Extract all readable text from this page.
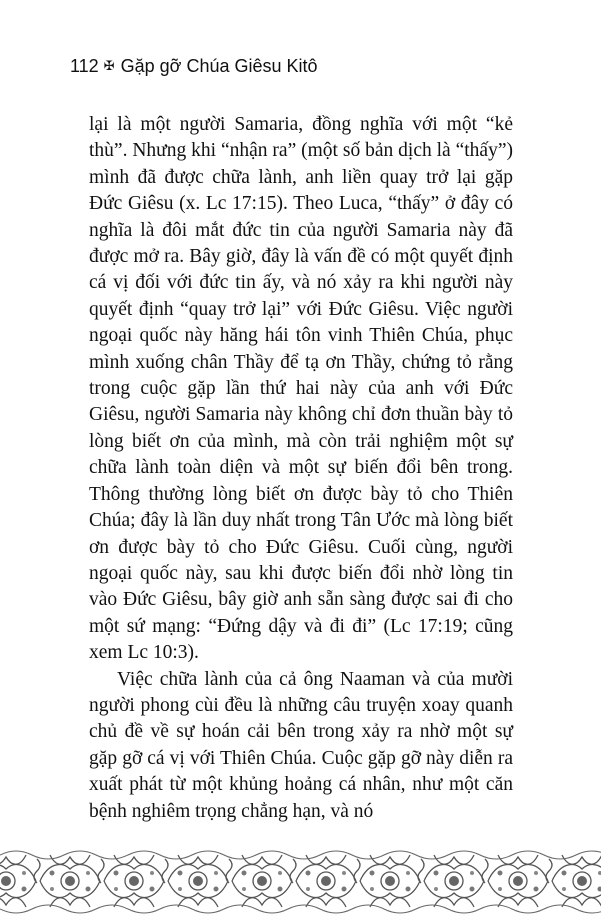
112 ✠ Gặp gỡ Chúa Giêsu Kitô

lại là một người Samaria, đồng nghĩa với một “kẻ thù”. Nhưng khi “nhận ra” (một số bản dịch là “thấy”) mình đã được chữa lành, anh liền quay trở lại gặp Đức Giêsu (x. Lc 17:15). Theo Luca, “thấy” ở đây có nghĩa là đôi mắt đức tin của người Samaria này đã được mở ra. Bây giờ, đây là vấn đề có một quyết định cá vị đối với đức tin ấy, và nó xảy ra khi người này quyết định “quay trở lại” với Đức Giêsu. Việc người ngoại quốc này hăng hái tôn vinh Thiên Chúa, phục mình xuống chân Thầy để tạ ơn Thầy, chứng tỏ rằng trong cuộc gặp lần thứ hai này của anh với Đức Giêsu, người Samaria này không chỉ đơn thuần bày tỏ lòng biết ơn của mình, mà còn trải nghiệm một sự chữa lành toàn diện và một sự biến đổi bên trong. Thông thường lòng biết ơn được bày tỏ cho Thiên Chúa; đây là lần duy nhất trong Tân Ước mà lòng biết ơn được bày tỏ cho Đức Giêsu. Cuối cùng, người ngoại quốc này, sau khi được biến đổi nhờ lòng tin vào Đức Giêsu, bây giờ anh sẵn sàng được sai đi cho một sứ mạng: “Đứng dậy và đi đi” (Lc 17:19; cũng xem Lc 10:3).

Việc chữa lành của cả ông Naaman và của mười người phong cùi đều là những câu truyện xoay quanh chủ đề về sự hoán cải bên trong xảy ra nhờ một sự gặp gỡ cá vị với Thiên Chúa. Cuộc gặp gỡ này diễn ra xuất phát từ một khủng hoảng cá nhân, như một căn bệnh nghiêm trọng chẳng hạn, và nó
